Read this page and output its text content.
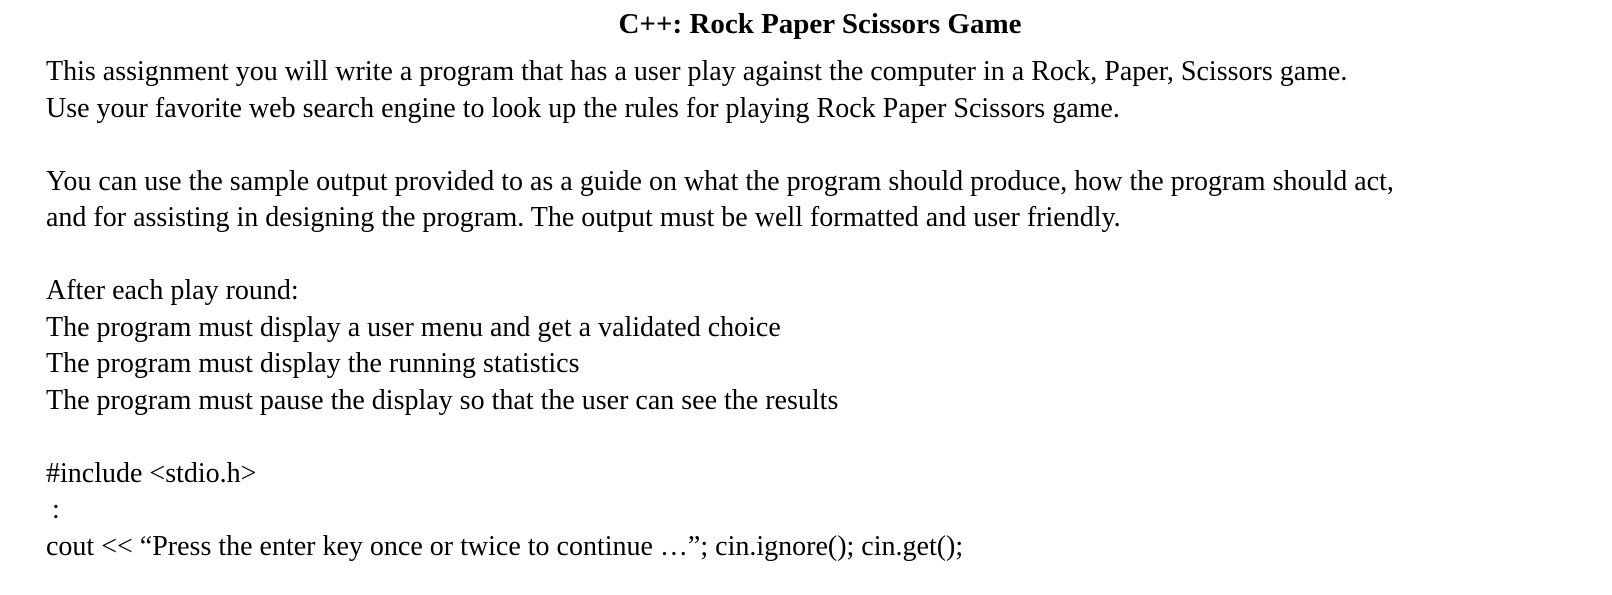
C++: Rock Paper Scissors Game
This assignment you will write a program that has a user play against the computer in a Rock, Paper, Scissors game.
Use your favorite web search engine to look up the rules for playing Rock Paper Scissors game.
You can use the sample output provided to as a guide on what the program should produce, how the program should act,
and for assisting in designing the program. The output must be well formatted and user friendly.
After each play round:
The program must display a user menu and get a validated choice
The program must display the running statistics
The program must pause the display so that the user can see the results
#include <stdio.h>
:
cout << “Press the enter key once or twice to continue …”; cin.ignore(); cin.get();
